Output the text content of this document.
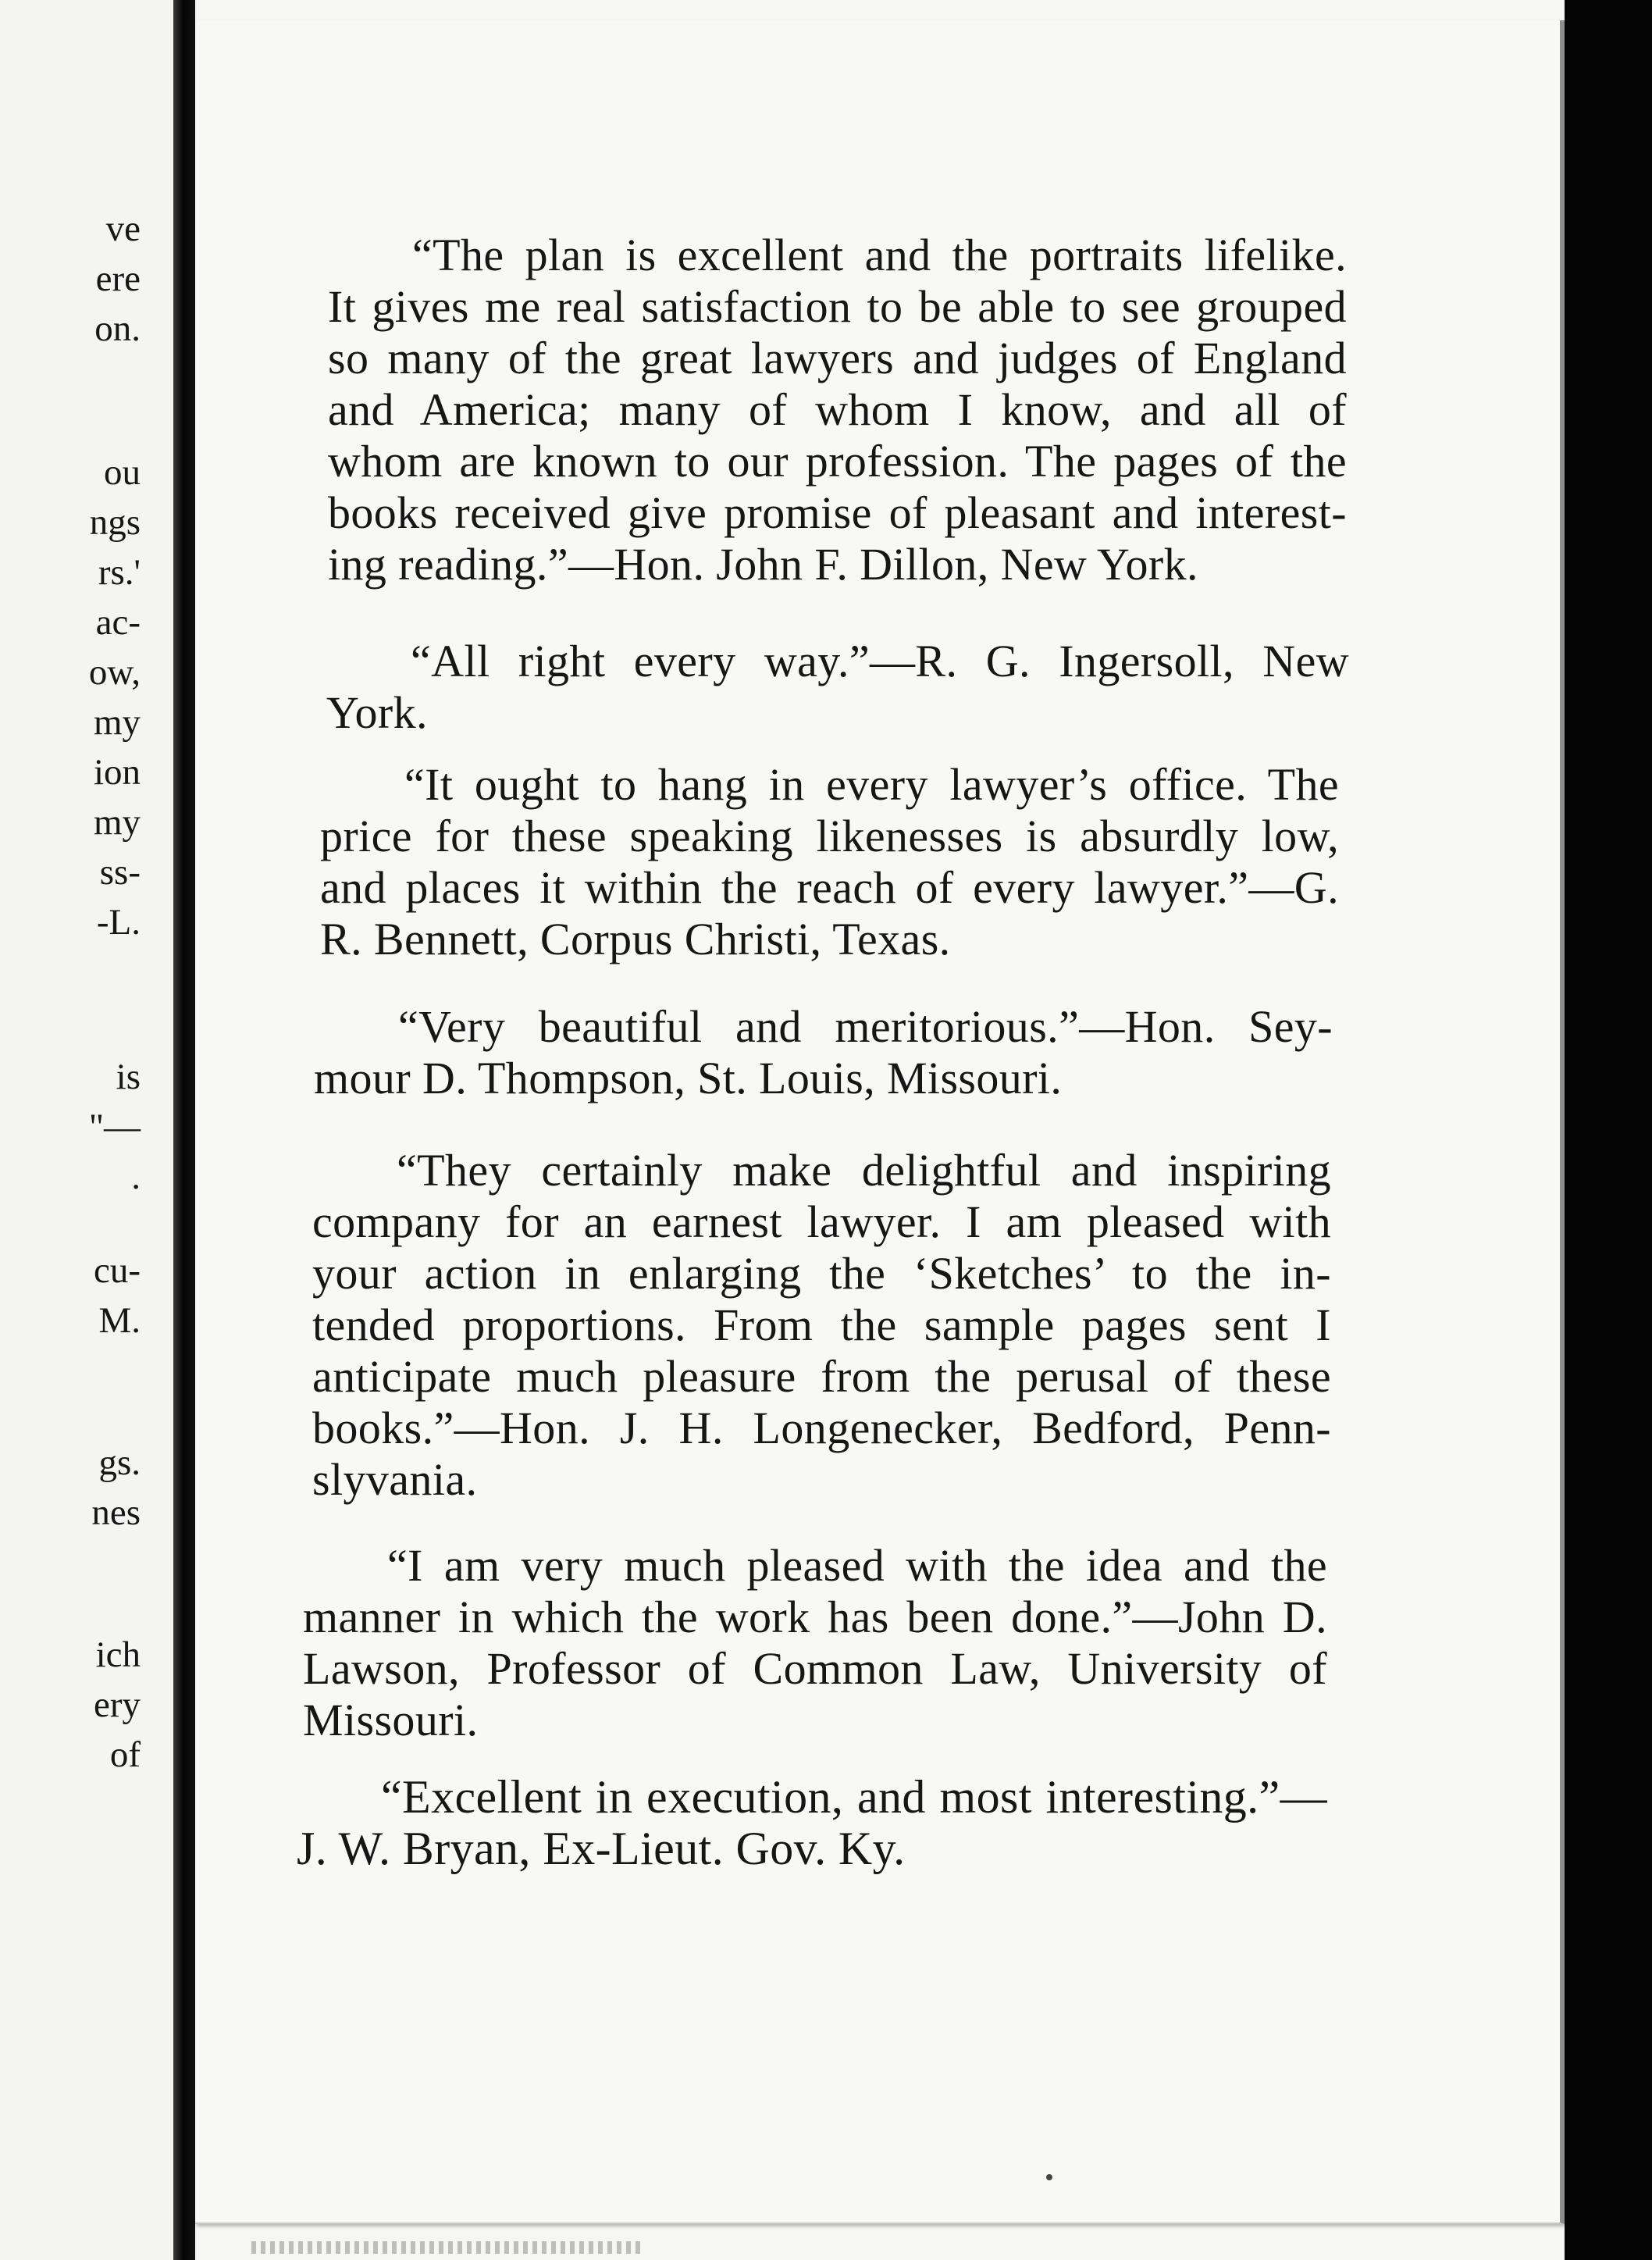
ve
ere
on.
ou
ngs
rs.'
ac-
ow,
my
ion
my
ss-
-L.
is
"—
.
cu-
M.
gs.
nes
ich
ery
of
“The plan is excellent and the portraits lifelike.
It gives me real satisfaction to be able to see grouped
so many of the great lawyers and judges of England
and America; many of whom I know, and all of
whom are known to our profession. The pages of the
books received give promise of pleasant and interest-
ing reading.”—Hon. John F. Dillon, New York.
“All right every way.”—R. G. Ingersoll, New
York.
“It ought to hang in every lawyer’s office. The
price for these speaking likenesses is absurdly low,
and places it within the reach of every lawyer.”—G.
R. Bennett, Corpus Christi, Texas.
“Very beautiful and meritorious.”—Hon. Sey-
mour D. Thompson, St. Louis, Missouri.
“They certainly make delightful and inspiring
company for an earnest lawyer. I am pleased with
your action in enlarging the ‘Sketches’ to the in-
tended proportions. From the sample pages sent I
anticipate much pleasure from the perusal of these
books.”—Hon. J. H. Longenecker, Bedford, Penn-
slyvania.
“I am very much pleased with the idea and the
manner in which the work has been done.”—John D.
Lawson, Professor of Common Law, University of
Missouri.
“Excellent in execution, and most interesting.”—
J. W. Bryan, Ex-Lieut. Gov. Ky.
